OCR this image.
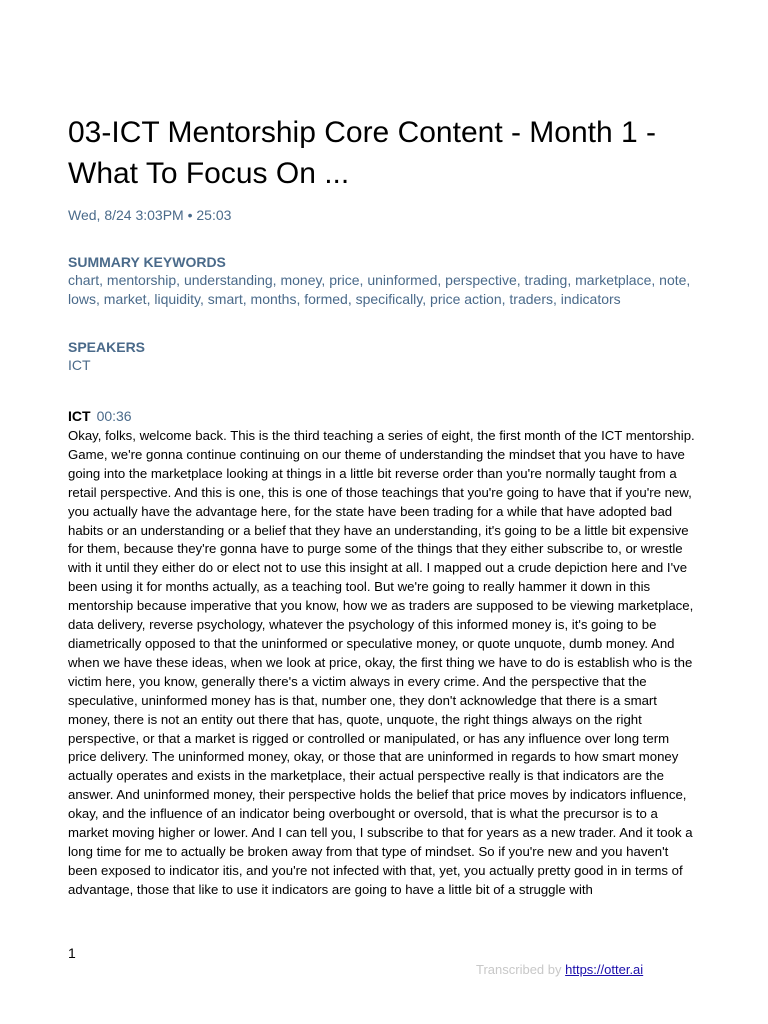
03-ICT Mentorship Core Content - Month 1 - What To Focus On ...
Wed, 8/24 3:03PM • 25:03
SUMMARY KEYWORDS
chart, mentorship, understanding, money, price, uninformed, perspective, trading, marketplace, note, lows, market, liquidity, smart, months, formed, specifically, price action, traders, indicators
SPEAKERS
ICT
ICT 00:36

Okay, folks, welcome back. This is the third teaching a series of eight, the first month of the ICT mentorship. Game, we're gonna continue continuing on our theme of understanding the mindset that you have to have going into the marketplace looking at things in a little bit reverse order than you're normally taught from a retail perspective. And this is one, this is one of those teachings that you're going to have that if you're new, you actually have the advantage here, for the state have been trading for a while that have adopted bad habits or an understanding or a belief that they have an understanding, it's going to be a little bit expensive for them, because they're gonna have to purge some of the things that they either subscribe to, or wrestle with it until they either do or elect not to use this insight at all. I mapped out a crude depiction here and I've been using it for months actually, as a teaching tool. But we're going to really hammer it down in this mentorship because imperative that you know, how we as traders are supposed to be viewing marketplace, data delivery, reverse psychology, whatever the psychology of this informed money is, it's going to be diametrically opposed to that the uninformed or speculative money, or quote unquote, dumb money. And when we have these ideas, when we look at price, okay, the first thing we have to do is establish who is the victim here, you know, generally there's a victim always in every crime. And the perspective that the speculative, uninformed money has is that, number one, they don't acknowledge that there is a smart money, there is not an entity out there that has, quote, unquote, the right things always on the right perspective, or that a market is rigged or controlled or manipulated, or has any influence over long term price delivery. The uninformed money, okay, or those that are uninformed in regards to how smart money actually operates and exists in the marketplace, their actual perspective really is that indicators are the answer. And uninformed money, their perspective holds the belief that price moves by indicators influence, okay, and the influence of an indicator being overbought or oversold, that is what the precursor is to a market moving higher or lower. And I can tell you, I subscribe to that for years as a new trader. And it took a long time for me to actually be broken away from that type of mindset. So if you're new and you haven't been exposed to indicator itis, and you're not infected with that, yet, you actually pretty good in in terms of advantage, those that like to use it indicators are going to have a little bit of a struggle with

1
Transcribed by https://otter.ai
